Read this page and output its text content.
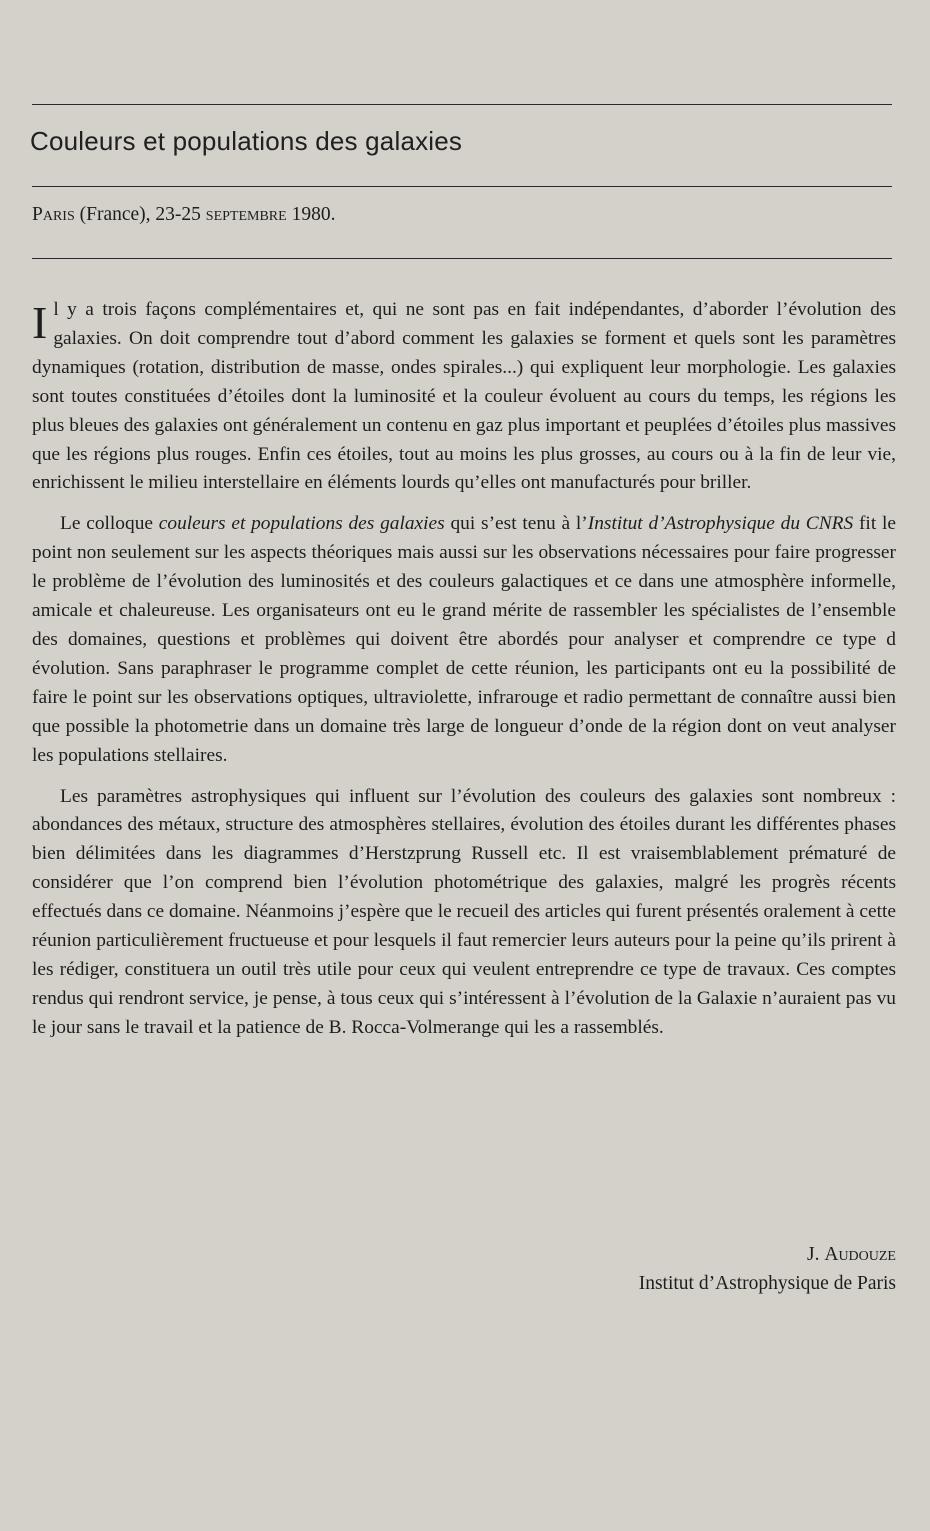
Couleurs et populations des galaxies
Paris (France), 23-25 septembre 1980.

Il y a trois façons complémentaires et, qui ne sont pas en fait indépendantes, d’aborder l’évolution des galaxies. On doit comprendre tout d’abord comment les galaxies se forment et quels sont les paramètres dynamiques (rotation, distribution de masse, ondes spirales...) qui expliquent leur morphologie. Les galaxies sont toutes constituées d’étoiles dont la luminosité et la couleur évoluent au cours du temps, les régions les plus bleues des galaxies ont généralement un contenu en gaz plus important et peuplées d’étoiles plus massives que les régions plus rouges. Enfin ces étoiles, tout au moins les plus grosses, au cours ou à la fin de leur vie, enrichissent le milieu interstellaire en éléments lourds qu’elles ont manufacturés pour briller.

Le colloque couleurs et populations des galaxies qui s’est tenu à l’Institut d’Astrophysique du CNRS fit le point non seulement sur les aspects théoriques mais aussi sur les observations nécessaires pour faire progresser le problème de l’évolution des luminosités et des couleurs galactiques et ce dans une atmosphère informelle, amicale et chaleureuse. Les organisateurs ont eu le grand mérite de rassembler les spécialistes de l’ensemble des domaines, questions et problèmes qui doivent être abordés pour analyser et comprendre ce type d évolution. Sans paraphraser le programme complet de cette réunion, les participants ont eu la possibilité de faire le point sur les observations optiques, ultraviolette, infrarouge et radio permettant de connaître aussi bien que possible la photometrie dans un domaine très large de longueur d’onde de la région dont on veut analyser les populations stellaires.

Les paramètres astrophysiques qui influent sur l’évolution des couleurs des galaxies sont nombreux : abondances des métaux, structure des atmosphères stellaires, évolution des étoiles durant les différentes phases bien délimitées dans les diagrammes d’Herstzprung Russell etc. Il est vraisemblablement prématuré de considérer que l’on comprend bien l’évolution photométrique des galaxies, malgré les progrès récents effectués dans ce domaine. Néanmoins j’espère que le recueil des articles qui furent présentés oralement à cette réunion particulièrement fructueuse et pour lesquels il faut remercier leurs auteurs pour la peine qu’ils prirent à les rédiger, constituera un outil très utile pour ceux qui veulent entreprendre ce type de travaux. Ces comptes rendus qui rendront service, je pense, à tous ceux qui s’intéressent à l’évolution de la Galaxie n’auraient pas vu le jour sans le travail et la patience de B. Rocca-Volmerange qui les a rassemblés.

J. Audouze
Institut d’Astrophysique de Paris
